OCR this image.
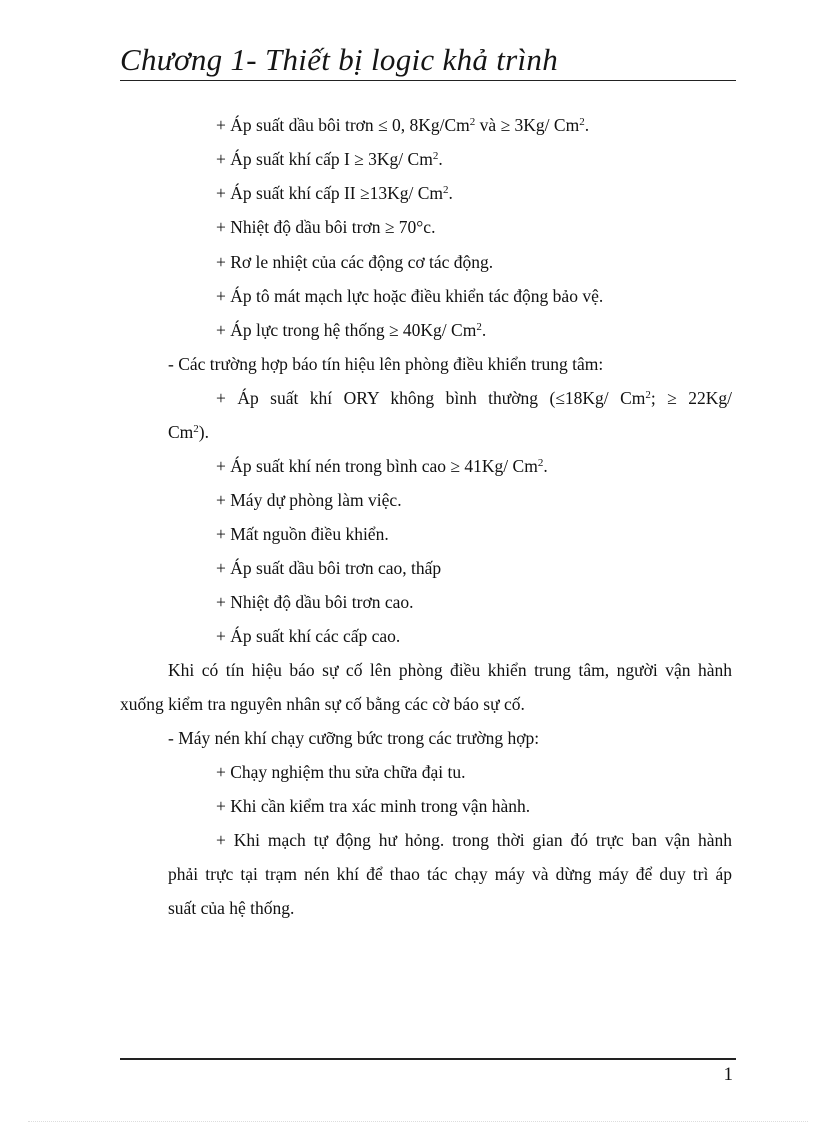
Chương 1- Thiết bị logic khả trình
+ Áp suất dầu bôi trơn ≤ 0, 8Kg/Cm$^2$ và ≥ 3Kg/ $Cm^2$.
+ Áp suất khí cấp I ≥ 3Kg/ $Cm^2$.
+ Áp suất khí cấp II ≥13Kg/ $Cm^2$.
+ Nhiệt độ dầu bôi trơn ≥ 70°c.
+ Rơ le nhiệt của các động cơ tác động.
+ Áp tô mát mạch lực hoặc điều khiển tác động bảo vệ.
+ Áp lực trong hệ thống ≥ 40Kg/ Cm$^2$.
- Các trường hợp báo tín hiệu lên phòng điều khiển trung tâm:
+ Áp suất khí ORY không bình thường (≤18Kg/ $Cm^2$; ≥ 22Kg/
$Cm^2$).
+ Áp suất khí nén trong bình cao ≥ 41Kg/ $Cm^2$.
+ Máy dự phòng làm việc.
+ Mất nguồn điều khiển.
+ Áp suất dầu bôi trơn cao, thấp
+ Nhiệt độ dầu bôi trơn cao.
+ Áp suất khí các cấp cao.
Khi có tín hiệu báo sự cố lên phòng điều khiển trung tâm, người vận hành
xuống kiểm tra nguyên nhân sự cố bằng các cờ báo sự cố.
- Máy nén khí chạy cưỡng bức trong các trường hợp:
+ Chạy nghiệm thu sửa chữa đại tu.
+ Khi cần kiểm tra xác minh trong vận hành.
+ Khi mạch tự động hư hỏng. trong thời gian đó trực ban vận hành
phải trực tại trạm nén khí để thao tác chạy máy và dừng máy để duy trì áp
suất của hệ thống.
1
